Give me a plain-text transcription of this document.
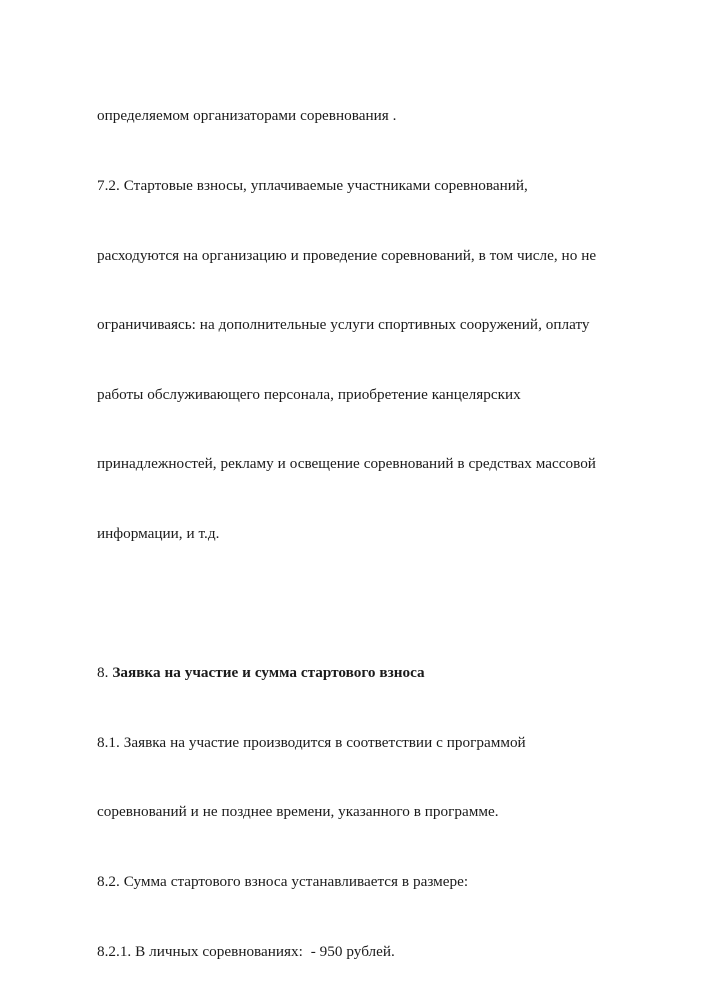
определяемом организаторами соревнования .

7.2. Стартовые взносы, уплачиваемые участниками соревнований,

расходуются на организацию и проведение соревнований, в том числе, но не

ограничиваясь: на дополнительные услуги спортивных сооружений, оплату

работы обслуживающего персонала, приобретение канцелярских

принадлежностей, рекламу и освещение соревнований в средствах массовой

информации, и т.д.

8. Заявка на участие и сумма стартового взноса

8.1. Заявка на участие производится в соответствии с программой

соревнований и не позднее времени, указанного в программе.

8.2. Сумма стартового взноса устанавливается в размере:

8.2.1. В личных соревнованиях:  - 950 рублей.
